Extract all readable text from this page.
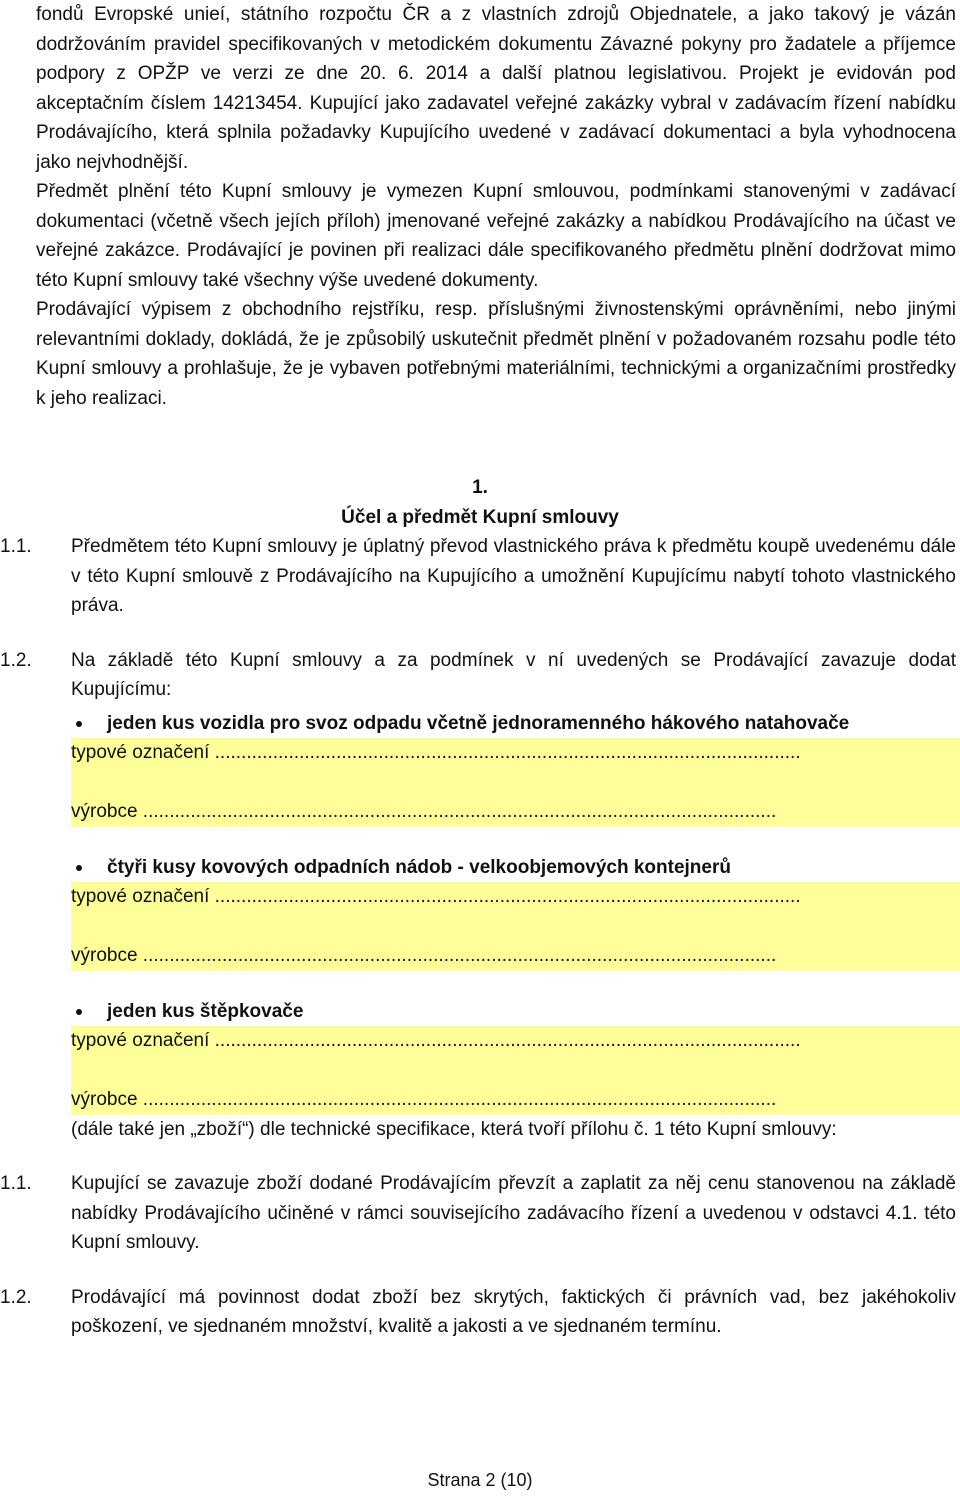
fondů Evropské unieí, státního rozpočtu ČR a z vlastních zdrojů Objednatele, a jako takový je vázán dodržováním pravidel specifikovaných v metodickém dokumentu Závazné pokyny pro žadatele a příjemce podpory z OPŽP ve verzi ze dne 20. 6. 2014 a další platnou legislativou. Projekt je evidován pod akceptačním číslem 14213454. Kupující jako zadavatel veřejné zakázky vybral v zadávacím řízení nabídku Prodávajícího, která splnila požadavky Kupujícího uvedené v zadávací dokumentaci a byla vyhodnocena jako nejvhodnější.

Předmět plnění této Kupní smlouvy je vymezen Kupní smlouvou, podmínkami stanovenými v zadávací dokumentaci (včetně všech jejích příloh) jmenované veřejné zakázky a nabídkou Prodávajícího na účast ve veřejné zakázce. Prodávající je povinen při realizaci dále specifikovaného předmětu plnění dodržovat mimo této Kupní smlouvy také všechny výše uvedené dokumenty.

Prodávající výpisem z obchodního rejstříku, resp. příslušnými živnostenskými oprávněními, nebo jinými relevantními doklady, dokládá, že je způsobilý uskutečnit předmět plnění v požadovaném rozsahu podle této Kupní smlouvy a prohlašuje, že je vybaven potřebnými materiálními, technickými a organizačními prostředky k jeho realizaci.

1.
Účel a předmět Kupní smlouvy
1.1.	Předmětem této Kupní smlouvy je úplatný převod vlastnického práva k předmětu koupě uvedenému dále v této Kupní smlouvě z Prodávajícího na Kupujícího a umožnění Kupujícímu nabytí tohoto vlastnického práva.
1.2.	Na základě této Kupní smlouvy a za podmínek v ní uvedených se Prodávající zavazuje dodat Kupujícímu:
jeden kus vozidla pro svoz odpadu včetně jednoramenného hákového natahovače
typové označení ...............................................................................................................
výrobce ........................................................................................................................
čtyři kusy kovových odpadních nádob - velkoobjemových kontejnerů
typové označení ...............................................................................................................
výrobce ........................................................................................................................
jeden kus štěpkovače
typové označení ...............................................................................................................
výrobce ........................................................................................................................

(dále také jen „zboží“) dle technické specifikace, která tvoří přílohu č. 1 této Kupní smlouvy:

1.1.	Kupující se zavazuje zboží dodané Prodávajícím převzít a zaplatit za něj cenu stanovenou na základě nabídky Prodávajícího učiněné v rámci souvisejícího zadávacího řízení a uvedenou v odstavci 4.1. této Kupní smlouvy.
1.2.	Prodávající má povinnost dodat zboží bez skrytých, faktických či právních vad, bez jakéhokoliv poškození, ve sjednaném množství, kvalitě a jakosti a ve sjednaném termínu.
Strana 2 (10)
